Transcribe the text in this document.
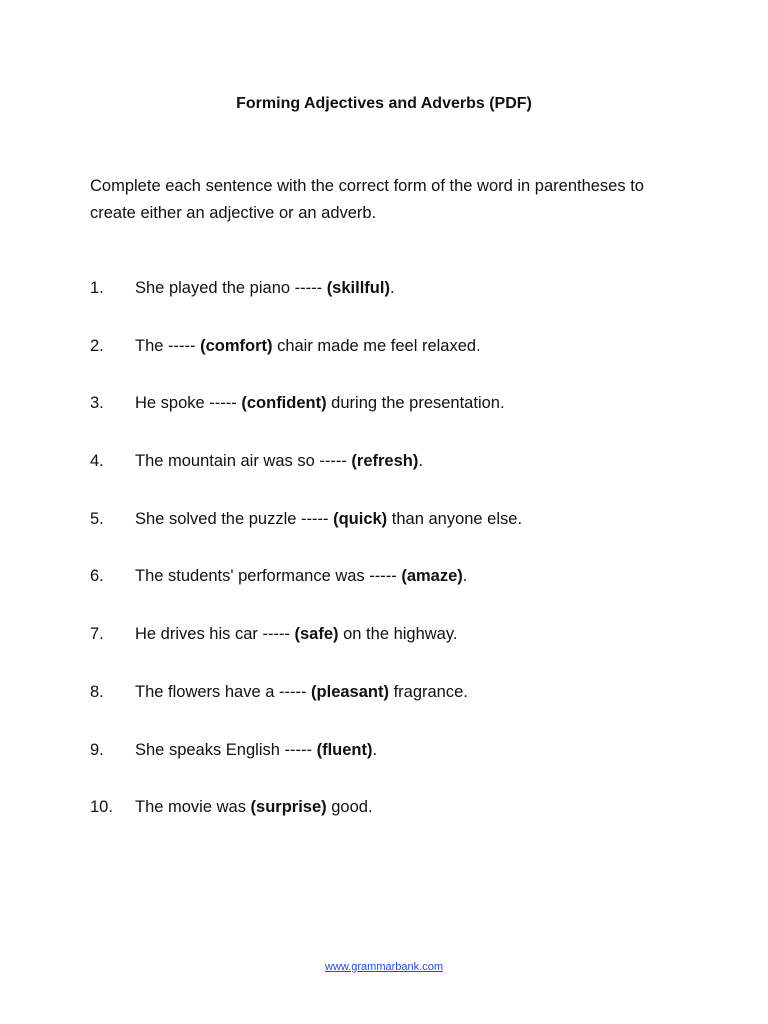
Forming Adjectives and Adverbs (PDF)
Complete each sentence with the correct form of the word in parentheses to create either an adjective or an adverb.
1. She played the piano ----- (skillful).
2. The ----- (comfort) chair made me feel relaxed.
3. He spoke ----- (confident) during the presentation.
4. The mountain air was so ----- (refresh).
5. She solved the puzzle ----- (quick) than anyone else.
6. The students' performance was ----- (amaze).
7. He drives his car ----- (safe) on the highway.
8. The flowers have a ----- (pleasant) fragrance.
9. She speaks English ----- (fluent).
10. The movie was (surprise) good.
www.grammarbank.com
